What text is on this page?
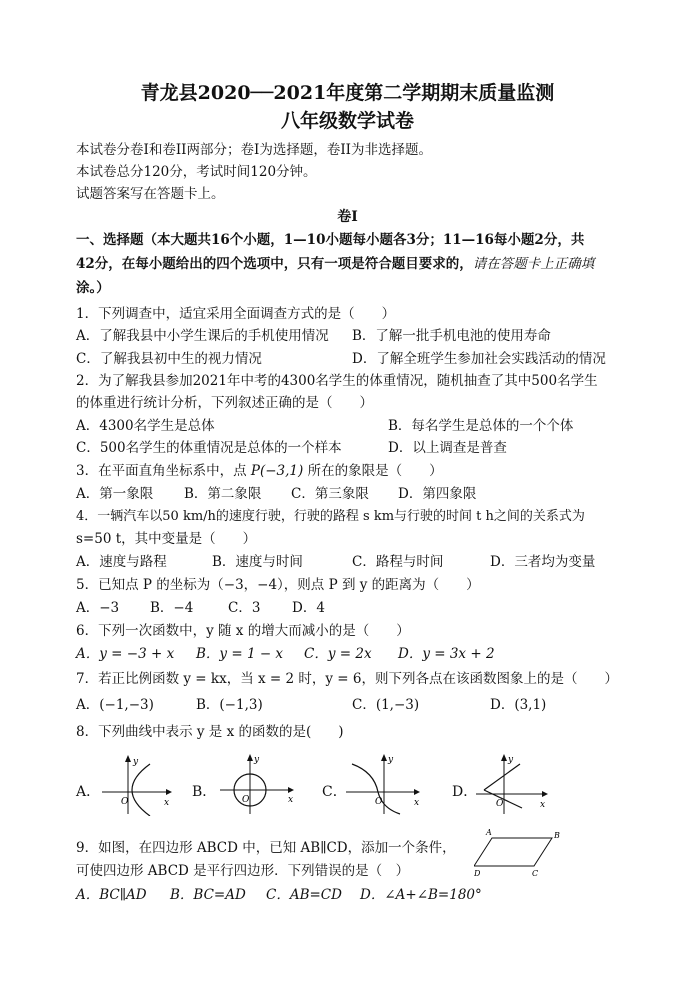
青龙县2020──2021年度第二学期期末质量监测
八年级数学试卷
本试卷分卷I和卷II两部分；卷I为选择题，卷II为非选择题。
本试卷总分120分，考试时间120分钟。
试题答案写在答题卡上。
卷I
一、选择题（本大题共16个小题，1—10小题每小题各3分；11—16每小题2分，共
42分，在每小题给出的四个选项中，只有一项是符合题目要求的，请在答题卡上正确填
涂。）
1．下列调查中，适宜采用全面调查方式的是（　　）
A．了解我县中小学生课后的手机使用情况 B．了解一批手机电池的使用寿命
C．了解我县初中生的视力情况	D．了解全班学生参加社会实践活动的情况
2．为了解我县参加2021年中考的4300名学生的体重情况，随机抽查了其中500名学生
的体重进行统计分析，下列叙述正确的是（　　）
A．4300名学生是总体	B．每名学生是总体的一个个体
C．500名学生的体重情况是总体的一个样本	D．以上调查是普查
3．在平面直角坐标系中，点 P(−3,1) 所在的象限是（　　）
A．第一象限 B．第二象限 C．第三象限 D．第四象限
4．一辆汽车以50 km/h的速度行驶，行驶的路程 s km与行驶的时间 t h之间的关系式为
s=50 t，其中变量是（　　）
A．速度与路程	B．速度与时间	C．路程与时间	D．三者均为变量
5．已知点 P 的坐标为（−3，−4），则点 P 到 y 的距离为（　　）
A．−3 B．−4	C．3 D．4
6．下列一次函数中，y 随 x 的增大而减小的是（　　）
A．y = −3 + x B．y = 1 − x C．y = 2x D．y = 3x + 2
7．若正比例函数 y = kx，当 x = 2 时，y = 6，则下列各点在该函数图象上的是（　　）
A．(−1,−3)	B．(−1,3)	C．(1,−3)	D．(3,1)
8．下列曲线中表示 y 是 x 的函数的是(　　)
A．
O
y
x
B．	O
y
x C．
O
y
x
D．
O
y
x
9．如图，在四边形 ABCD 中，已知 AB∥CD，添加一个条件，
可使四边形 ABCD 是平行四边形．下列错误的是（　）
A．BC∥AD B．BC=AD C．AB=CD D．∠A+∠B=180°
A	B
C
D
